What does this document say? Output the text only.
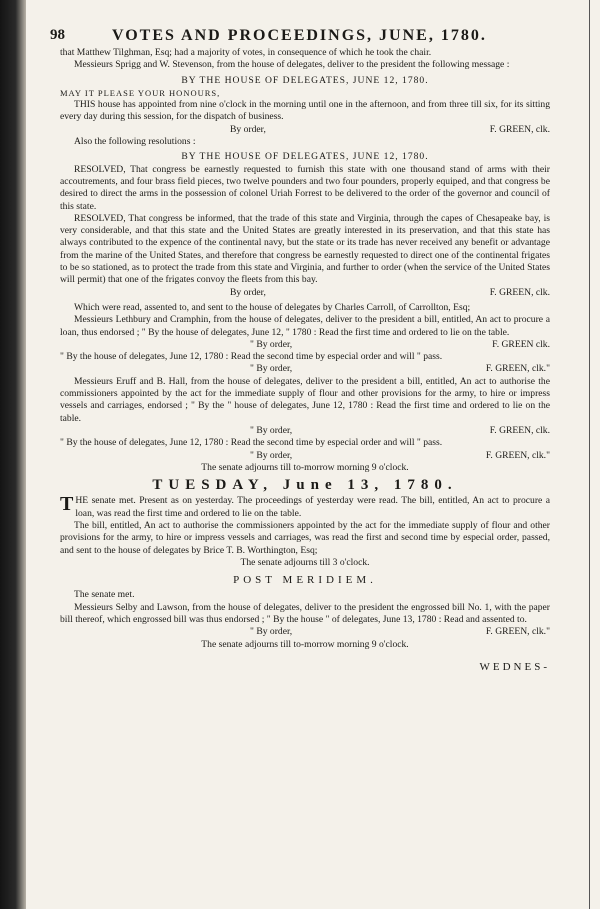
98	VOTES AND PROCEEDINGS, JUNE, 1780.

that Matthew Tilghman, Esq; had a majority of votes, in consequence of which he took the chair.

Messieurs Sprigg and W. Stevenson, from the house of delegates, deliver to the president the following message :

BY THE HOUSE OF DELEGATES, JUNE 12, 1780.

MAY IT PLEASE YOUR HONOURS,

THIS house has appointed from nine o'clock in the morning until one in the afternoon, and from three till six, for its sitting every day during this session, for the dispatch of business.

By order,	F. GREEN, clk.

Also the following resolutions :

BY THE HOUSE OF DELEGATES, JUNE 12, 1780.

RESOLVED, That congress be earnestly requested to furnish this state with one thousand stand of arms with their accoutrements, and four brass field pieces, two twelve pounders and two four pounders, properly equiped, and that congress be desired to direct the arms in the possession of colonel Uriah Forrest to be delivered to the order of the governor and council of this state.

RESOLVED, That congress be informed, that the trade of this state and Virginia, through the capes of Chesapeake bay, is very considerable, and that this state and the United States are greatly interested in its preservation, and that this state has always contributed to the expence of the continental navy, but the state or its trade has never received any benefit or advantage from the marine of the United States, and therefore that congress be earnestly requested to direct one of the continental frigates to be so stationed, as to protect the trade from this state and Virginia, and further to order (when the service of the United States will permit) that one of the frigates convoy the fleets from this bay.

By order,	F. GREEN, clk.

Which were read, assented to, and sent to the house of delegates by Charles Carroll, of Carrollton, Esq;

Messieurs Lethbury and Cramphin, from the house of delegates, deliver to the president a bill, entitled, An act to procure a loan, thus endorsed ; " By the house of delegates, June 12, " 1780 : Read the first time and ordered to lie on the table.

" By order,	F. GREEN clk.

" By the house of delegates, June 12, 1780 : Read the second time by especial order and will " pass.

" By order,	F. GREEN, clk."

Messieurs Eruff and B. Hall, from the house of delegates, deliver to the president a bill, entitled, An act to authorise the commissioners appointed by the act for the immediate supply of flour and other provisions for the army, to hire or impress vessels and carriages, endorsed ; " By the " house of delegates, June 12, 1780 : Read the first time and ordered to lie on the table.

" By order,	F. GREEN, clk.

" By the house of delegates, June 12, 1780 : Read the second time by especial order and will " pass.

" By order,	F. GREEN, clk."

The senate adjourns till to-morrow morning 9 o'clock.

TUESDAY, June 13, 1780.

THE senate met. Present as on yesterday. The proceedings of yesterday were read. The bill, entitled, An act to procure a loan, was read the first time and ordered to lie on the table.

The bill, entitled, An act to authorise the commissioners appointed by the act for the immediate supply of flour and other provisions for the army, to hire or impress vessels and carriages, was read the first and second time by especial order, passed, and sent to the house of delegates by Brice T. B. Worthington, Esq;

The senate adjourns till 3 o'clock.

POST MERIDIEM.

The senate met.

Messieurs Selby and Lawson, from the house of delegates, deliver to the president the engrossed bill No. 1, with the paper bill thereof, which engrossed bill was thus endorsed ; " By the house " of delegates, June 13, 1780 : Read and assented to.

" By order,	F. GREEN, clk."

The senate adjourns till to-morrow morning 9 o'clock.

WEDNES-
